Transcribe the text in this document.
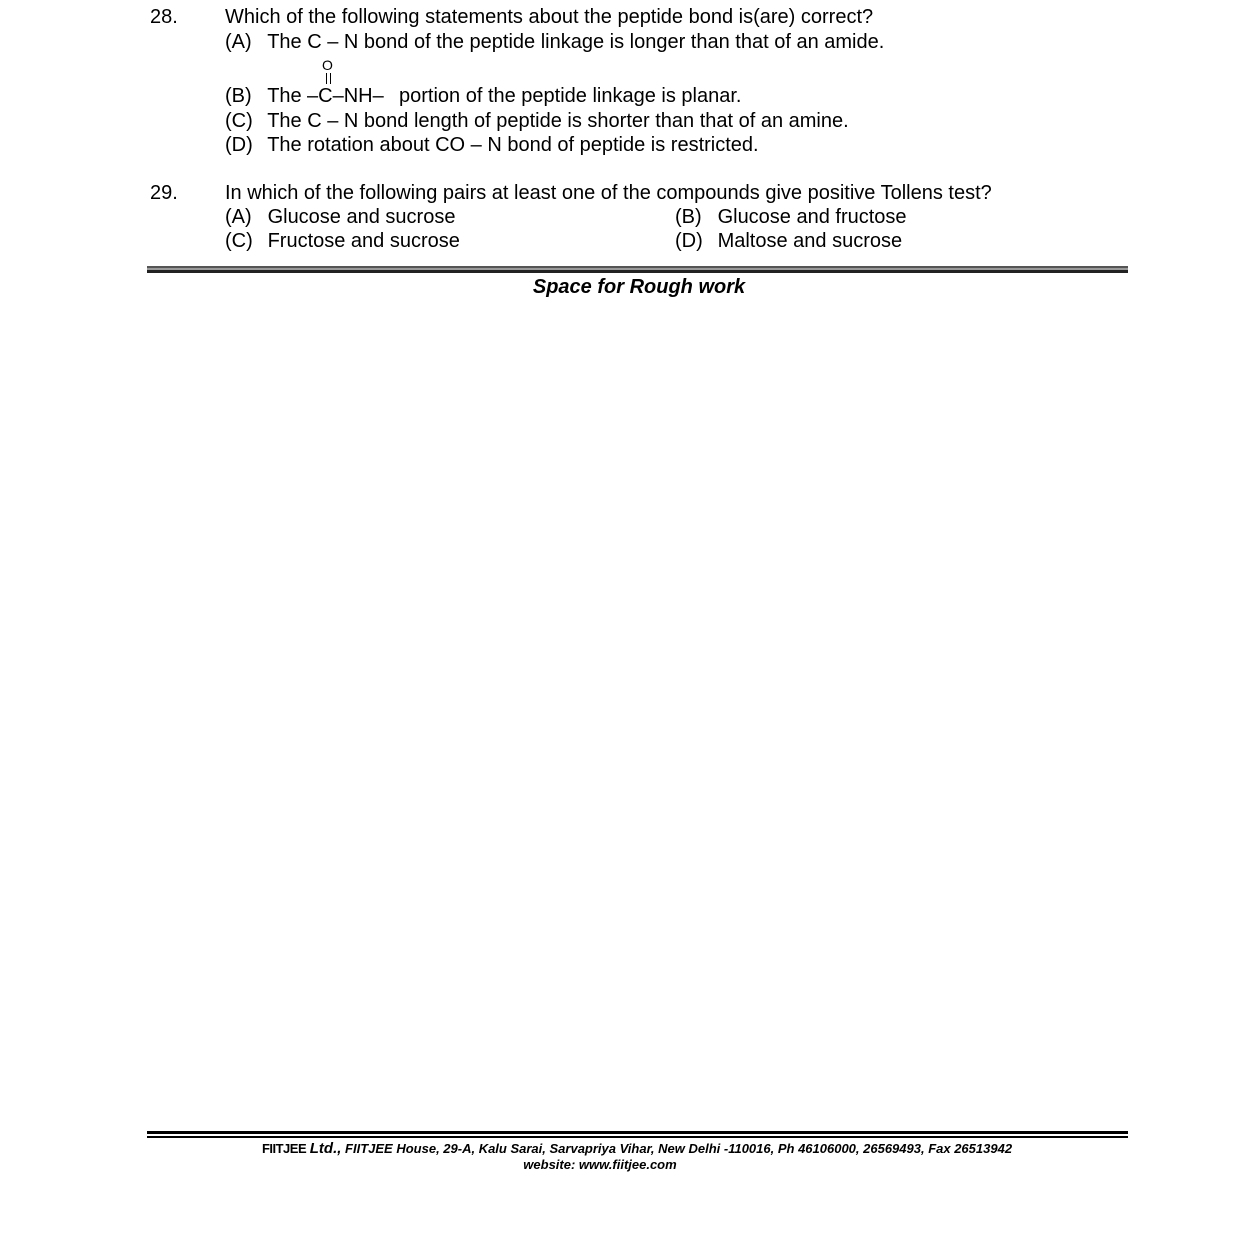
28. Which of the following statements about the peptide bond is(are) correct?
(A) The C – N bond of the peptide linkage is longer than that of an amide.
(B) The –C–NH–
O
portion of the peptide linkage is planar.
(C) The C – N bond length of peptide is shorter than that of an amine.
(D) The rotation about CO – N bond of peptide is restricted.
29. In which of the following pairs at least one of the compounds give positive Tollens test?
(A) Glucose and sucrose	(B) Glucose and fructose
(C) Fructose and sucrose	(D) Maltose and sucrose
Space for Rough work
FIITJEE Ltd., FIITJEE House, 29-A, Kalu Sarai, Sarvapriya Vihar, New Delhi -110016, Ph 46106000, 26569493, Fax 26513942
website: www.fiitjee.com
